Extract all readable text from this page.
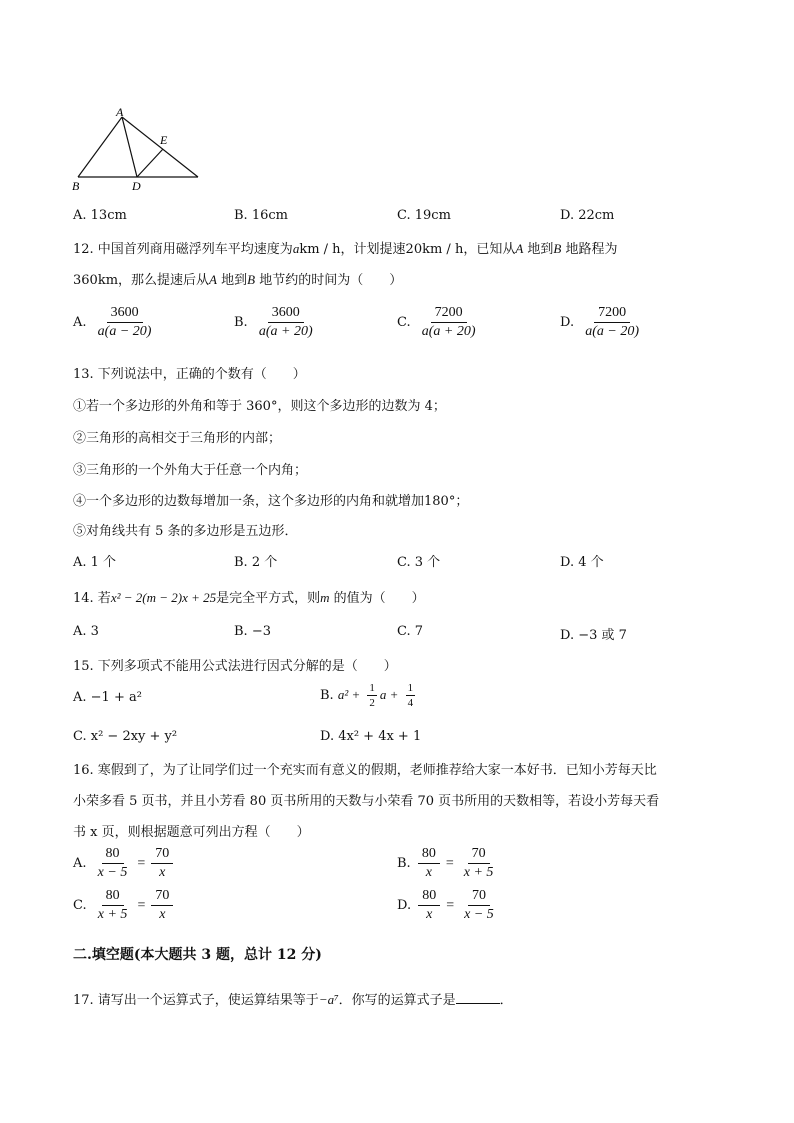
A
B	D
E
A. 13cm	B. 16cm	C. 19cm	D. 22cm
12. 中国首列商用磁浮列车平均速度为akm / h，计划提速20km / h，已知从A 地到B 地路程为
360km，那么提速后从A 地到B 地节约的时间为（　　）
A. $\frac{3600}{a(a - 20)}$	B. $\frac{3600}{a(a + 20)}$	C. $\frac{7200}{a(a + 20)}$	D. $\frac{7200}{a(a - 20)}$
13. 下列说法中，正确的个数有（　　）
①若一个多边形的外角和等于 360°，则这个多边形的边数为 4；
②三角形的高相交于三角形的内部；
③三角形的一个外角大于任意一个内角；
④一个多边形的边数每增加一条，这个多边形的内角和就增加180°；
⑤对角线共有 5 条的多边形是五边形．
A. 1 个	B. 2 个	C. 3 个	D. 4 个
14. 若x² − 2(m − 2)x + 25是完全平方式，则m 的值为（　　）
A. 3	B. −3	C. 7	D. −3 或 7
15. 下列多项式不能用公式法进行因式分解的是（　　）
A. −1 + a²	B. $a^2 + \frac{1}{2}$ $a + \frac{1}{4}$
C. x² − 2xy + y²	D. 4x² + 4x + 1
16. 寒假到了，为了让同学们过一个充实而有意义的假期，老师推荐给大家一本好书．已知小芳每天比
小荣多看 5 页书，并且小芳看 80 页书所用的天数与小荣看 70 页书所用的天数相等，若设小芳每天看
书 x 页，则根据题意可列出方程（　　）
A. $\frac{80}{x - 5} = \frac{70}{x}$	B. $\frac{80}{x} = \frac{70}{x + 5}$
C. $\frac{80}{x + 5} = \frac{70}{x}$	D. $\frac{80}{x} = \frac{70}{x - 5}$
二.填空题(本大题共 3 题，总计 12 分)
17. 请写出一个运算式子，使运算结果等于−a⁷．你写的运算式子是	．
